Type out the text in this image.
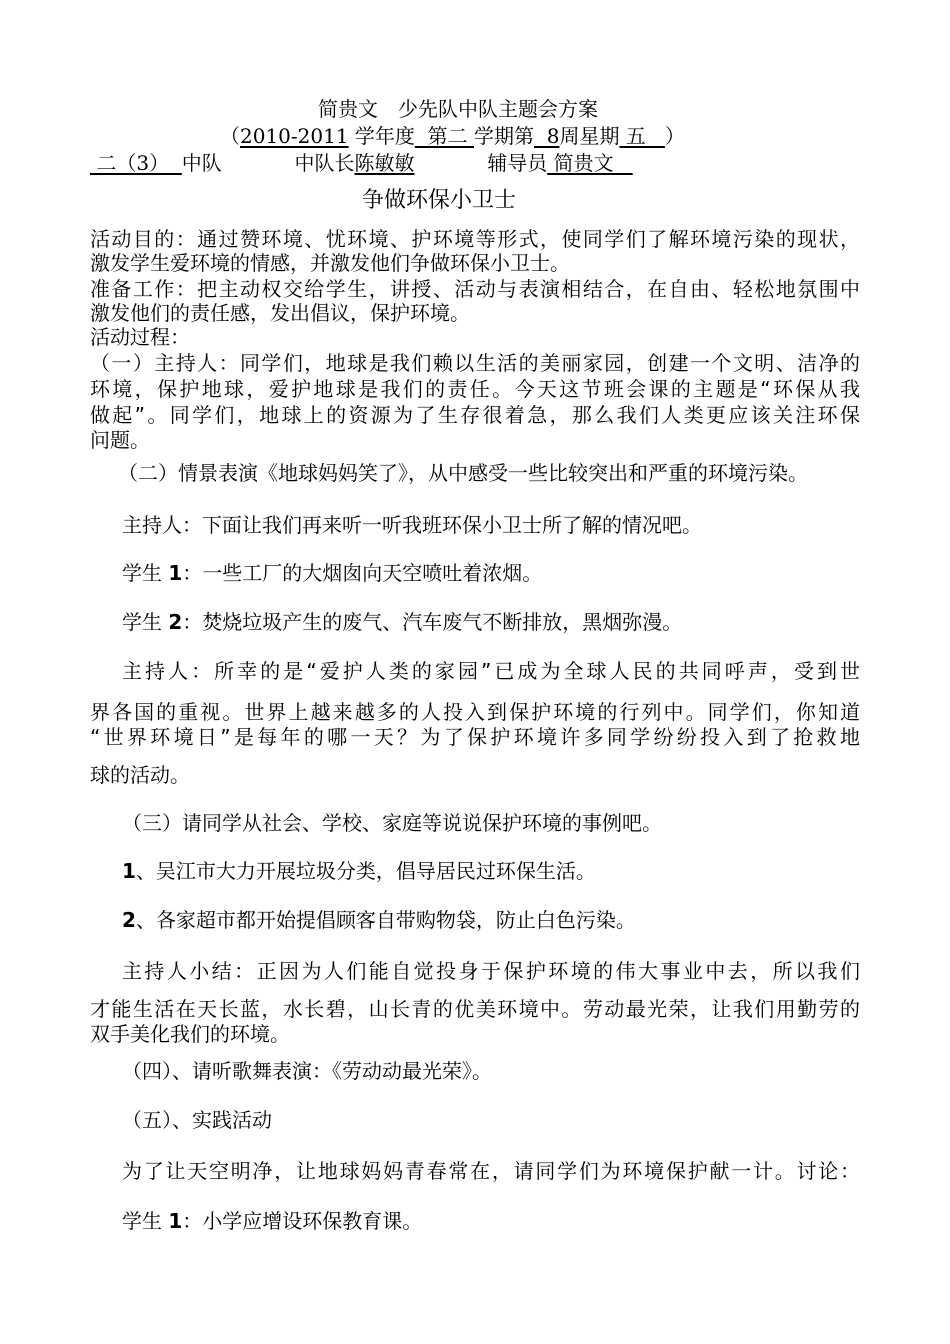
简贵文　少先队中队主题会方案
（2010-2011 学年度  第二 学期第  8周星期 五   ）
二（3）  中队	中队长陈敏敏	辅导员 简贵文
争做环保小卫士
活动目的：通过赞环境、忧环境、护环境等形式，使同学们了解环境污染的现状，
激发学生爱环境的情感，并激发他们争做环保小卫士。
准备工作：把主动权交给学生，讲授、活动与表演相结合，在自由、轻松地氛围中
激发他们的责任感，发出倡议，保护环境。
活动过程：
（一）主持人：同学们，地球是我们赖以生活的美丽家园，创建一个文明、洁净的
环境，保护地球，爱护地球是我们的责任。今天这节班会课的主题是“环保从我
做起”。同学们，地球上的资源为了生存很着急，那么我们人类更应该关注环保
问题。
（二）情景表演《地球妈妈笑了》，从中感受一些比较突出和严重的环境污染。
主持人：下面让我们再来听一听我班环保小卫士所了解的情况吧。
学生 1：一些工厂的大烟囱向天空喷吐着浓烟。
学生 2：焚烧垃圾产生的废气、汽车废气不断排放，黑烟弥漫。
主持人：所幸的是“爱护人类的家园”已成为全球人民的共同呼声，受到世
界各国的重视。世界上越来越多的人投入到保护环境的行列中。同学们，你知道
“世界环境日”是每年的哪一天？为了保护环境许多同学纷纷投入到了抢救地
球的活动。
（三）请同学从社会、学校、家庭等说说保护环境的事例吧。
1、吴江市大力开展垃圾分类，倡导居民过环保生活。
2、各家超市都开始提倡顾客自带购物袋，防止白色污染。
主持人小结：正因为人们能自觉投身于保护环境的伟大事业中去，所以我们
才能生活在天长蓝，水长碧，山长青的优美环境中。劳动最光荣，让我们用勤劳的
双手美化我们的环境。
（四）、请听歌舞表演：《劳动动最光荣》。
（五）、实践活动
为了让天空明净，让地球妈妈青春常在，请同学们为环境保护献一计。讨论：
学生 1：小学应增设环保教育课。
